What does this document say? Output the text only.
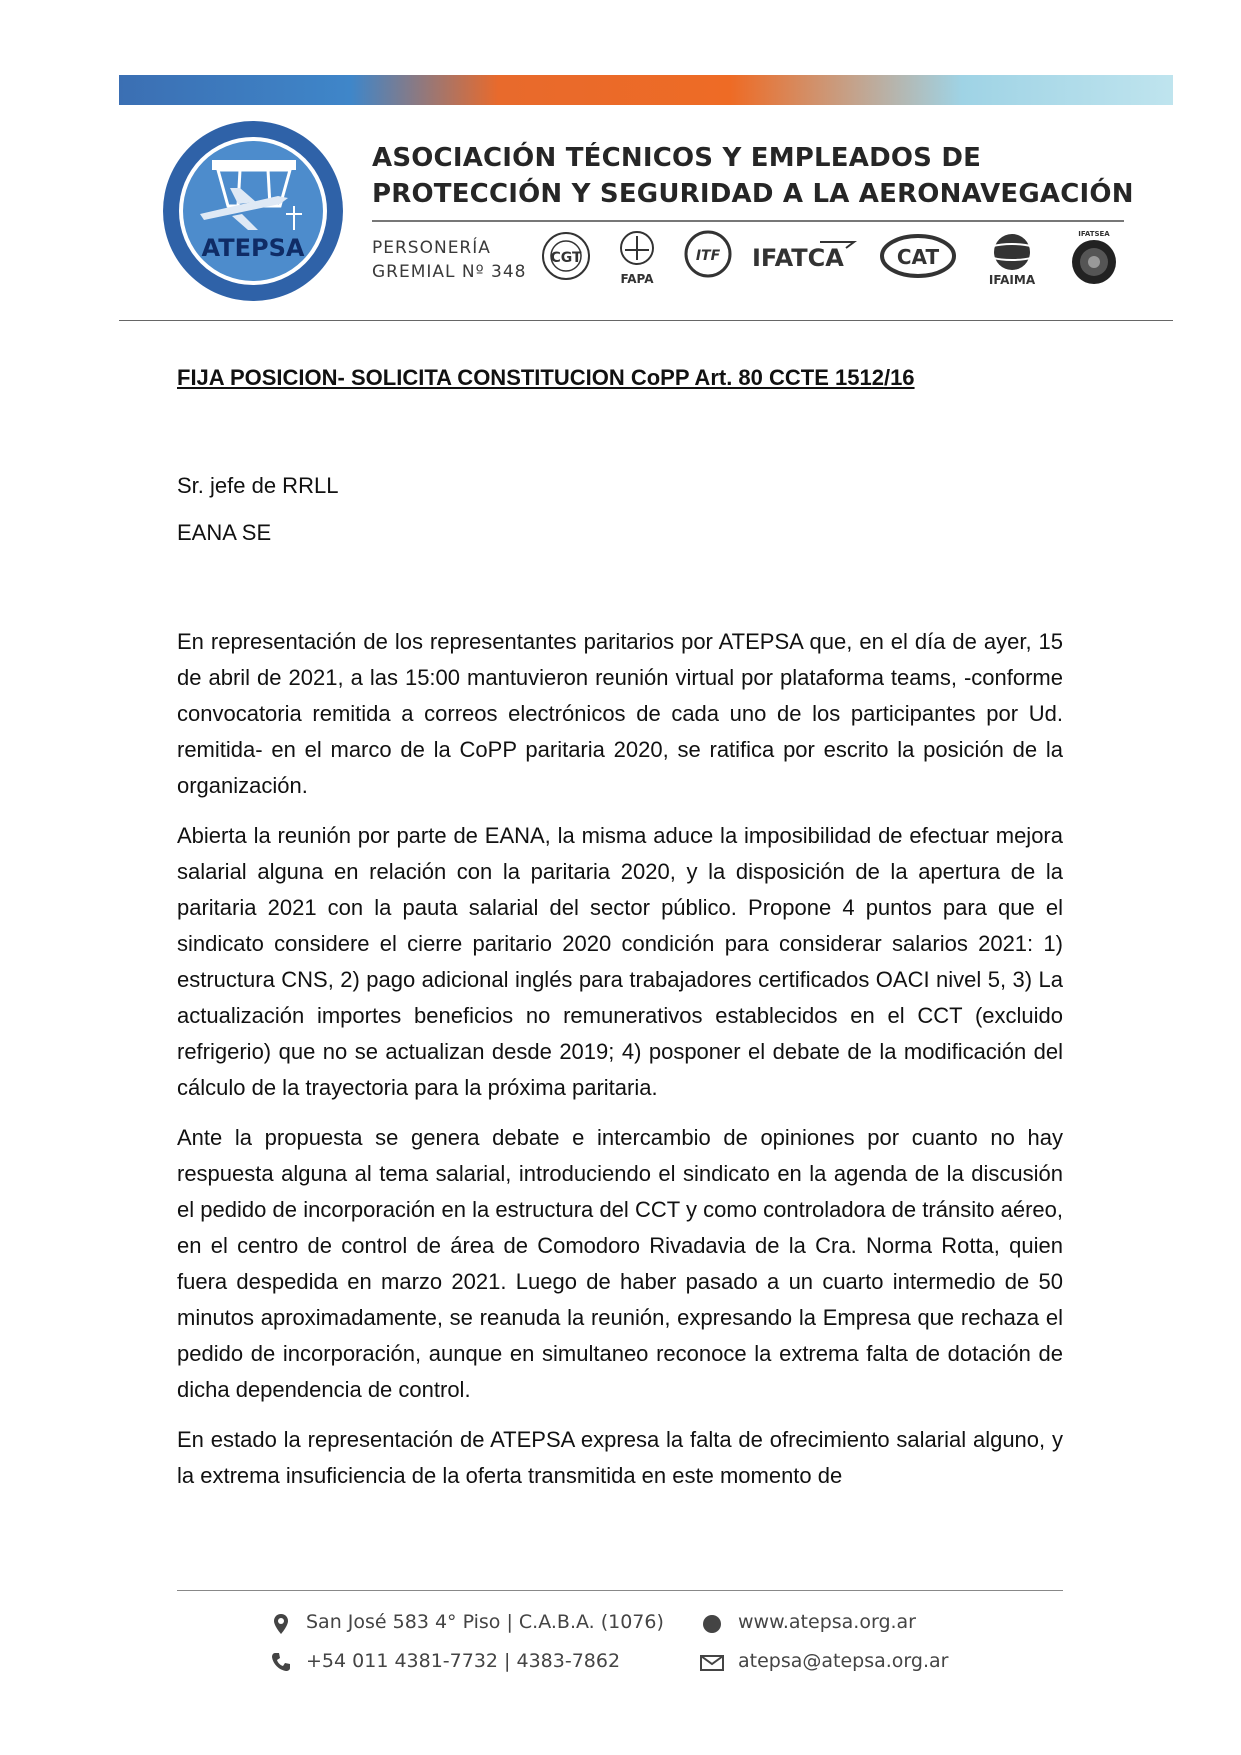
ATEPSA
ASOCIACIÓN TÉCNICOS Y EMPLEADOS DE
PROTECCIÓN Y SEGURIDAD A LA AERONAVEGACIÓN
PERSONERÍA
GREMIAL Nº 348
CGT
FAPA
ITF IFATCA	CAT
IFAIMA
IFATSEA
FIJA POSICION- SOLICITA CONSTITUCION CoPP Art. 80 CCTE 1512/16
Sr. jefe de RRLL
EANA SE

En representación de los representantes paritarios por ATEPSA que, en el día de ayer, 15 de abril de 2021, a las 15:00 mantuvieron reunión virtual por plataforma teams, -conforme convocatoria remitida a correos electrónicos de cada uno de los participantes por Ud. remitida- en el marco de la CoPP paritaria 2020, se ratifica por escrito la posición de la organización.

Abierta la reunión por parte de EANA, la misma aduce la imposibilidad de efectuar mejora salarial alguna en relación con la paritaria 2020, y la disposición de la apertura de la paritaria 2021 con la pauta salarial del sector público. Propone 4 puntos para que el sindicato considere el cierre paritario 2020 condición para considerar salarios 2021: 1) estructura CNS, 2) pago adicional inglés para trabajadores certificados OACI nivel 5, 3) La actualización importes beneficios no remunerativos establecidos en el CCT (excluido refrigerio) que no se actualizan desde 2019; 4) posponer el debate de la modificación del cálculo de la trayectoria para la próxima paritaria.

Ante la propuesta se genera debate e intercambio de opiniones por cuanto no hay respuesta alguna al tema salarial, introduciendo el sindicato en la agenda de la discusión el pedido de incorporación en la estructura del CCT y como controladora de tránsito aéreo, en el centro de control de área de Comodoro Rivadavia de la Cra. Norma Rotta, quien fuera despedida en marzo 2021. Luego de haber pasado a un cuarto intermedio de 50 minutos aproximadamente, se reanuda la reunión, expresando la Empresa que rechaza el pedido de incorporación, aunque en simultaneo reconoce la extrema falta de dotación de dicha dependencia de control.

En estado la representación de ATEPSA expresa la falta de ofrecimiento salarial alguno, y la extrema insuficiencia de la oferta transmitida en este momento de

San José 583 4° Piso | C.A.B.A. (1076)
+54 011 4381-7732 | 4383-7862
www.atepsa.org.ar
atepsa@atepsa.org.ar
